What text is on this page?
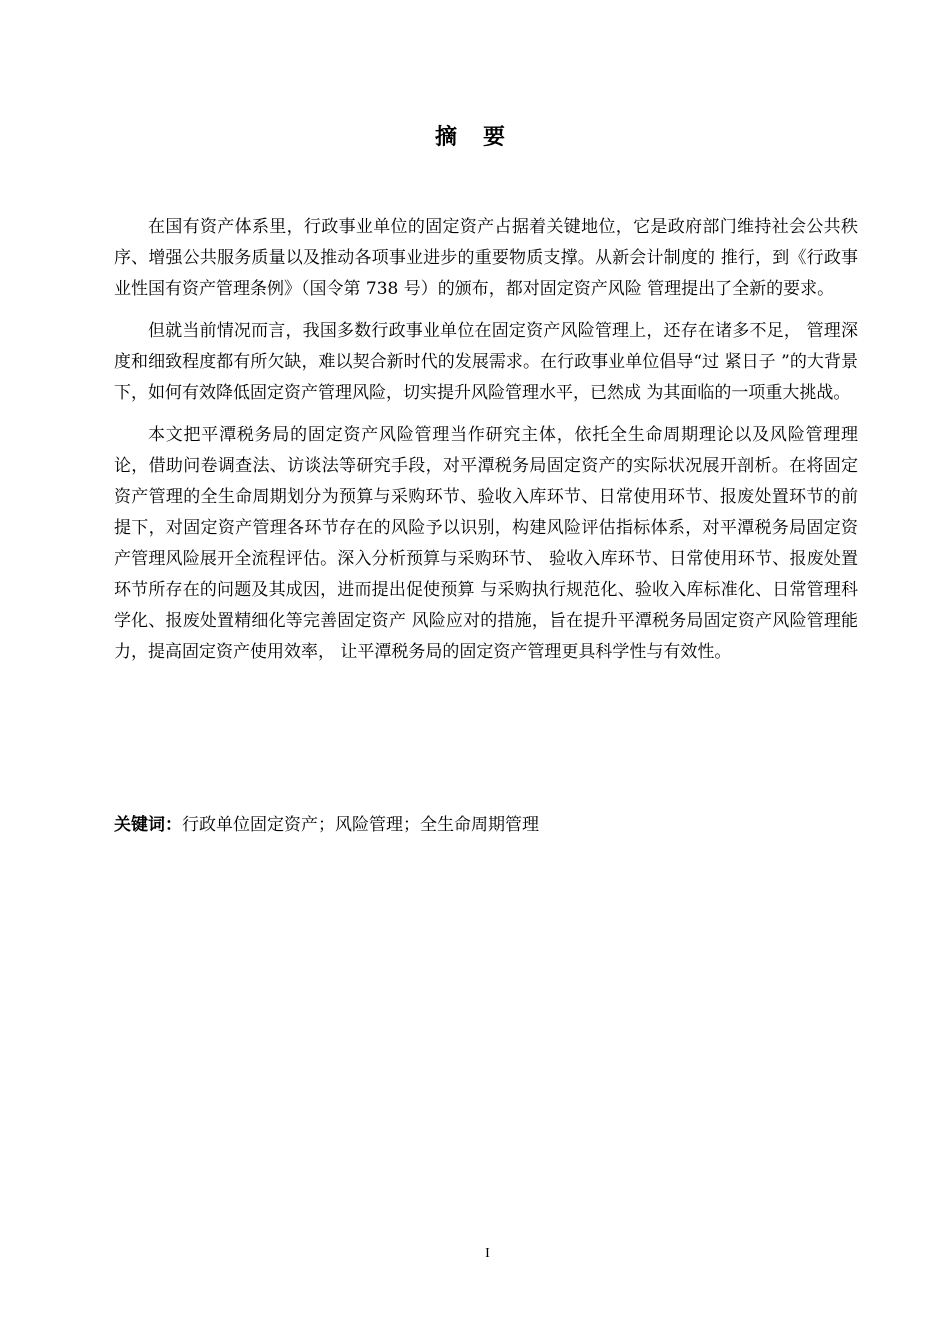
摘要

在国有资产体系里，行政事业单位的固定资产占据着关键地位，它是政府部门维持社会公共秩序、增强公共服务质量以及推动各项事业进步的重要物质支撑。从新会计制度的 推行，到《行政事业性国有资产管理条例》（国令第 738 号）的颁布，都对固定资产风险 管理提出了全新的要求。

但就当前情况而言，我国多数行政事业单位在固定资产风险管理上，还存在诸多不足， 管理深度和细致程度都有所欠缺，难以契合新时代的发展需求。在行政事业单位倡导“过 紧日子 ”的大背景下，如何有效降低固定资产管理风险，切实提升风险管理水平，已然成 为其面临的一项重大挑战。

本文把平潭税务局的固定资产风险管理当作研究主体，依托全生命周期理论以及风险管理理论，借助问卷调查法、访谈法等研究手段，对平潭税务局固定资产的实际状况展开剖析。在将固定资产管理的全生命周期划分为预算与采购环节、验收入库环节、日常使用环节、报废处置环节的前提下，对固定资产管理各环节存在的风险予以识别，构建风险评估指标体系，对平潭税务局固定资产管理风险展开全流程评估。深入分析预算与采购环节、 验收入库环节、日常使用环节、报废处置环节所存在的问题及其成因，进而提出促使预算 与采购执行规范化、验收入库标准化、日常管理科学化、报废处置精细化等完善固定资产 风险应对的措施，旨在提升平潭税务局固定资产风险管理能力，提高固定资产使用效率， 让平潭税务局的固定资产管理更具科学性与有效性。

关键词：行政单位固定资产；风险管理；全生命周期管理
I
